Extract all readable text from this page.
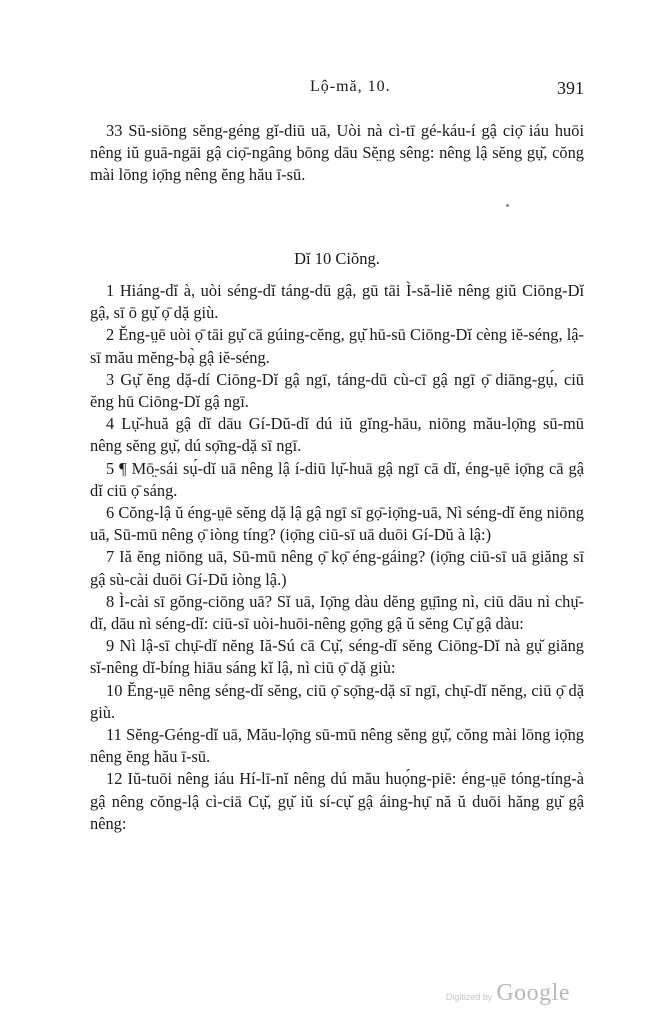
Lộ-mă, 10.	391

33 Sū-siōng sĕng-géng gĭ-diū uā, Uòi nà cì-tī gé-káu-í gậ ciọ̄ iáu huōi nêng iŭ guā-ngāi gậ ciọ̄-ngâng bōng dāu Sĕ̤ng sêng: nêng lậ sĕng gụ̆, cŏng mài lōng iọ̄ng nêng ĕng hău ī-sū.

Dĭ 10 Ciŏng.

1 Hiáng-dĭ à, uòi séng-dĭ táng-dū gậ, gū tāi Ì-să-liĕ nêng giŭ Ciōng-Dĭ gậ, sī ō gụ̆ ọ̄ dặ giù.

2 Ĕng-ṳē uòi ọ̄ tāi gụ̆ cā gúing-cĕng, gụ̆ hū-sū Ciōng-Dĭ cèng iĕ-séng, lậ-sī mău mĕng-bạ̀ gậ iĕ-séng.

3 Gụ̆ ĕng dặ-dí Ciōng-Dĭ gậ ngī, táng-dū cù-cī gậ ngī ọ̄ diāng-gụ́, ciū ĕng hū Ciōng-Dĭ gậ ngī.

4 Lụ̆-huă gậ dĭ dāu Gí-Dŭ-dĭ dú iŭ gĭng-hāu, niōng mău-lọ̄ng sū-mū nêng sĕng gụ̆, dú sọ̄ng-dặ sī ngī.

5 ¶ Mō̤-sái sụ́-dĭ uā nêng lậ í-diū lụ̆-huā gậ ngī cā dĭ, éng-ṳē iọ̄ng cā gậ dĭ ciū ọ̄ sáng.

6 Cŏng-lậ ŭ éng-ṳē sĕng dặ lậ gậ ngī sī gọ̄-iọ̄ng-uā, Nì séng-dĭ ĕng niōng uā, Sū-mū nêng ọ̄ iòng tíng? (iọ̄ng ciū-sī uā duōi Gí-Dŭ à lậ:)

7 Iă ĕng niōng uā, Sū-mū nêng ọ̄ kọ̄ éng-gáing? (iọ̄ng ciū-sī uā giăng sī gậ sù-cài duōi Gí-Dŭ iòng lậ.)

8 Ì-cài sī gŏng-ciōng uā? Sĭ uā, Iọ̄ng dàu dĕng gṳ̄ing nì, ciū dāu nì chụ̄-dĭ, dāu nì séng-dĭ: ciū-sī uòi-huōi-nêng gọ̄ng gậ ŭ sĕng Cụ̆ gậ dàu:

9 Nì lậ-sī chụ̄-dĭ nĕng Iă-Sú cā Cụ̆, séng-dĭ sĕng Ciōng-Dĭ nà gụ̆ giăng sĭ-nêng dĭ-bíng hiāu sáng kĭ lậ, nì ciū ọ̄ dặ giù:

10 Ĕng-ṳē nêng séng-dĭ sĕng, ciū ọ̄ sọ̄ng-dặ sī ngī, chụ̄-dĭ nĕng, ciū ọ̄ dặ giù.

11 Sĕng-Géng-dĭ uā, Mău-lọ̄ng sū-mū nêng sĕng gụ̆, cŏng mài lōng iọ̄ng nêng ĕng hău ī-sū.

12 Iŭ-tuōi nêng iáu Hí-lī-nĭ nêng dú mău huọ́ng-piē: éng-ṳē tóng-tíng-à gậ nêng cŏng-lậ cì-ciā Cụ̆, gụ̆ iŭ sí-cụ̆ gậ áing-hụ̄ nă ŭ duōi hăng gụ̆ gậ nêng:

Digitized by Google
